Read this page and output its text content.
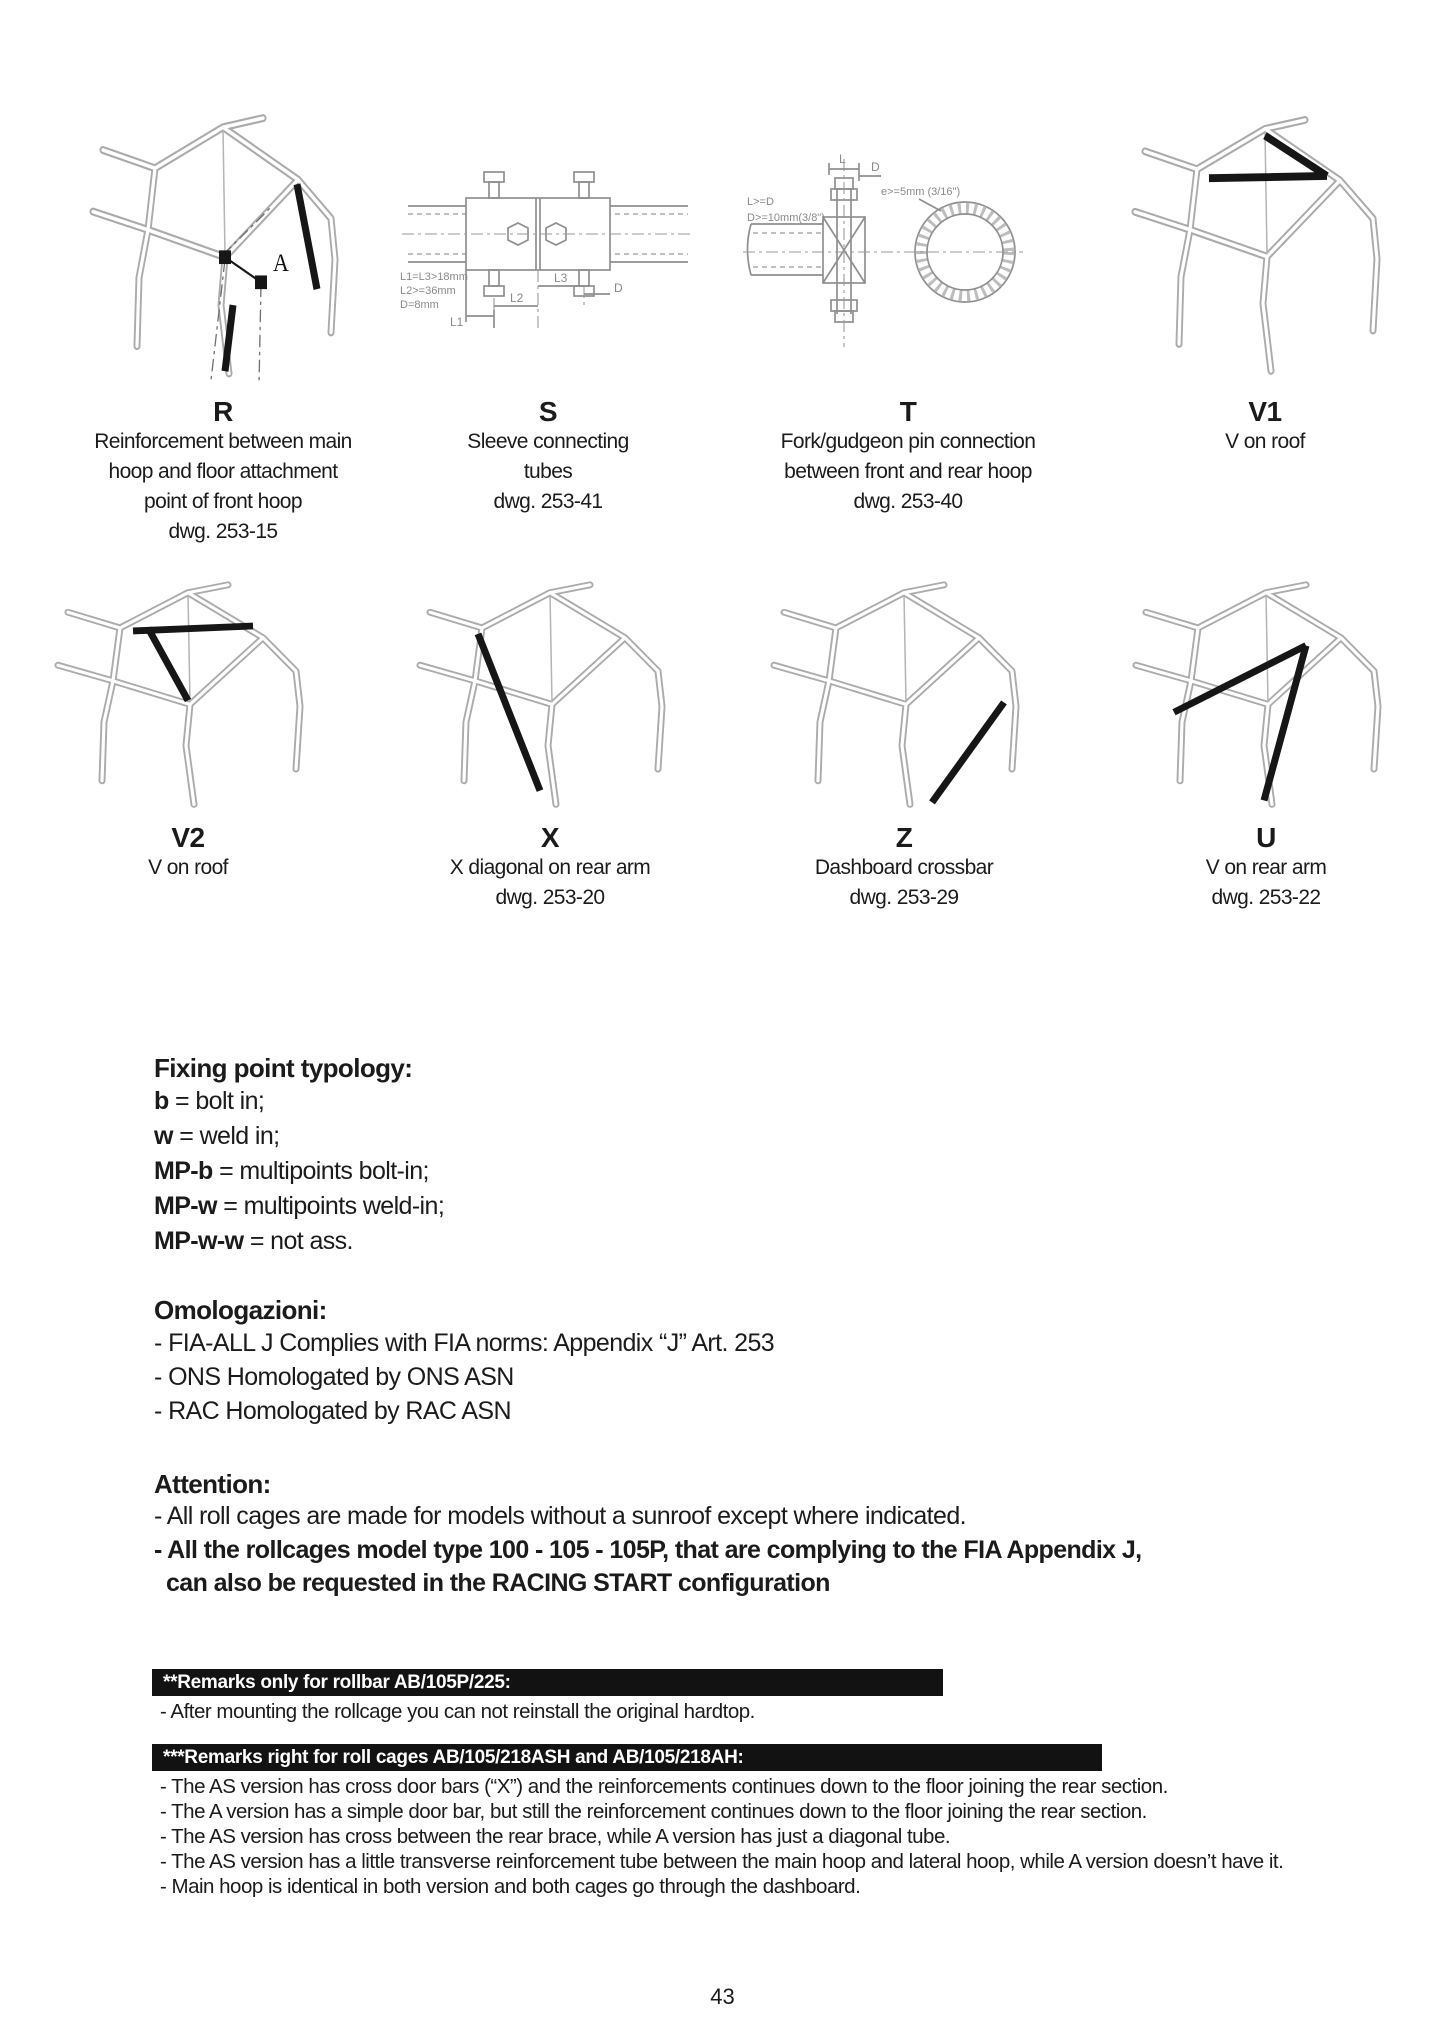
A
R
Reinforcement between main
hoop and floor attachment
point of front hoop
dwg. 253-15
L1
L2
L3
D
L1=L3>18mm
L2>=36mm
D=8mm
S
Sleeve connecting
tubes
dwg. 253-41
L
D
L>=D
D>=10mm(3/8")
e>=5mm (3/16")
T
Fork/gudgeon pin connection
between front and rear hoop
dwg. 253-40
V1
V on roof
V2
V on roof
X
X diagonal on rear arm
dwg. 253-20
Z
Dashboard crossbar
dwg. 253-29
U
V on rear arm
dwg. 253-22
Fixing point typology:
b = bolt in;
w = weld in;
MP-b = multipoints bolt-in;
MP-w = multipoints weld-in;
MP-w-w = not ass.
Omologazioni:
- FIA-ALL J Complies with FIA norms: Appendix “J” Art. 253
- ONS Homologated by ONS ASN
- RAC Homologated by RAC ASN
Attention:
- All roll cages are made for models without a sunroof except where indicated.
- All the rollcages model type 100 - 105 - 105P, that are complying to the FIA Appendix J,
can also be requested in the RACING START configuration
**Remarks only for rollbar AB/105P/225:
- After mounting the rollcage you can not reinstall the original hardtop.
***Remarks right for roll cages AB/105/218ASH and AB/105/218AH:
- The AS version has cross door bars (“X”) and the reinforcements continues down to the floor joining the rear section.
- The A version has a simple door bar, but still the reinforcement continues down to the floor joining the rear section.
- The AS version has cross between the rear brace, while A version has just a diagonal tube.
- The AS version has a little transverse reinforcement tube between the main hoop and lateral hoop, while A version doesn’t have it.
- Main hoop is identical in both version and both cages go through the dashboard.
43
